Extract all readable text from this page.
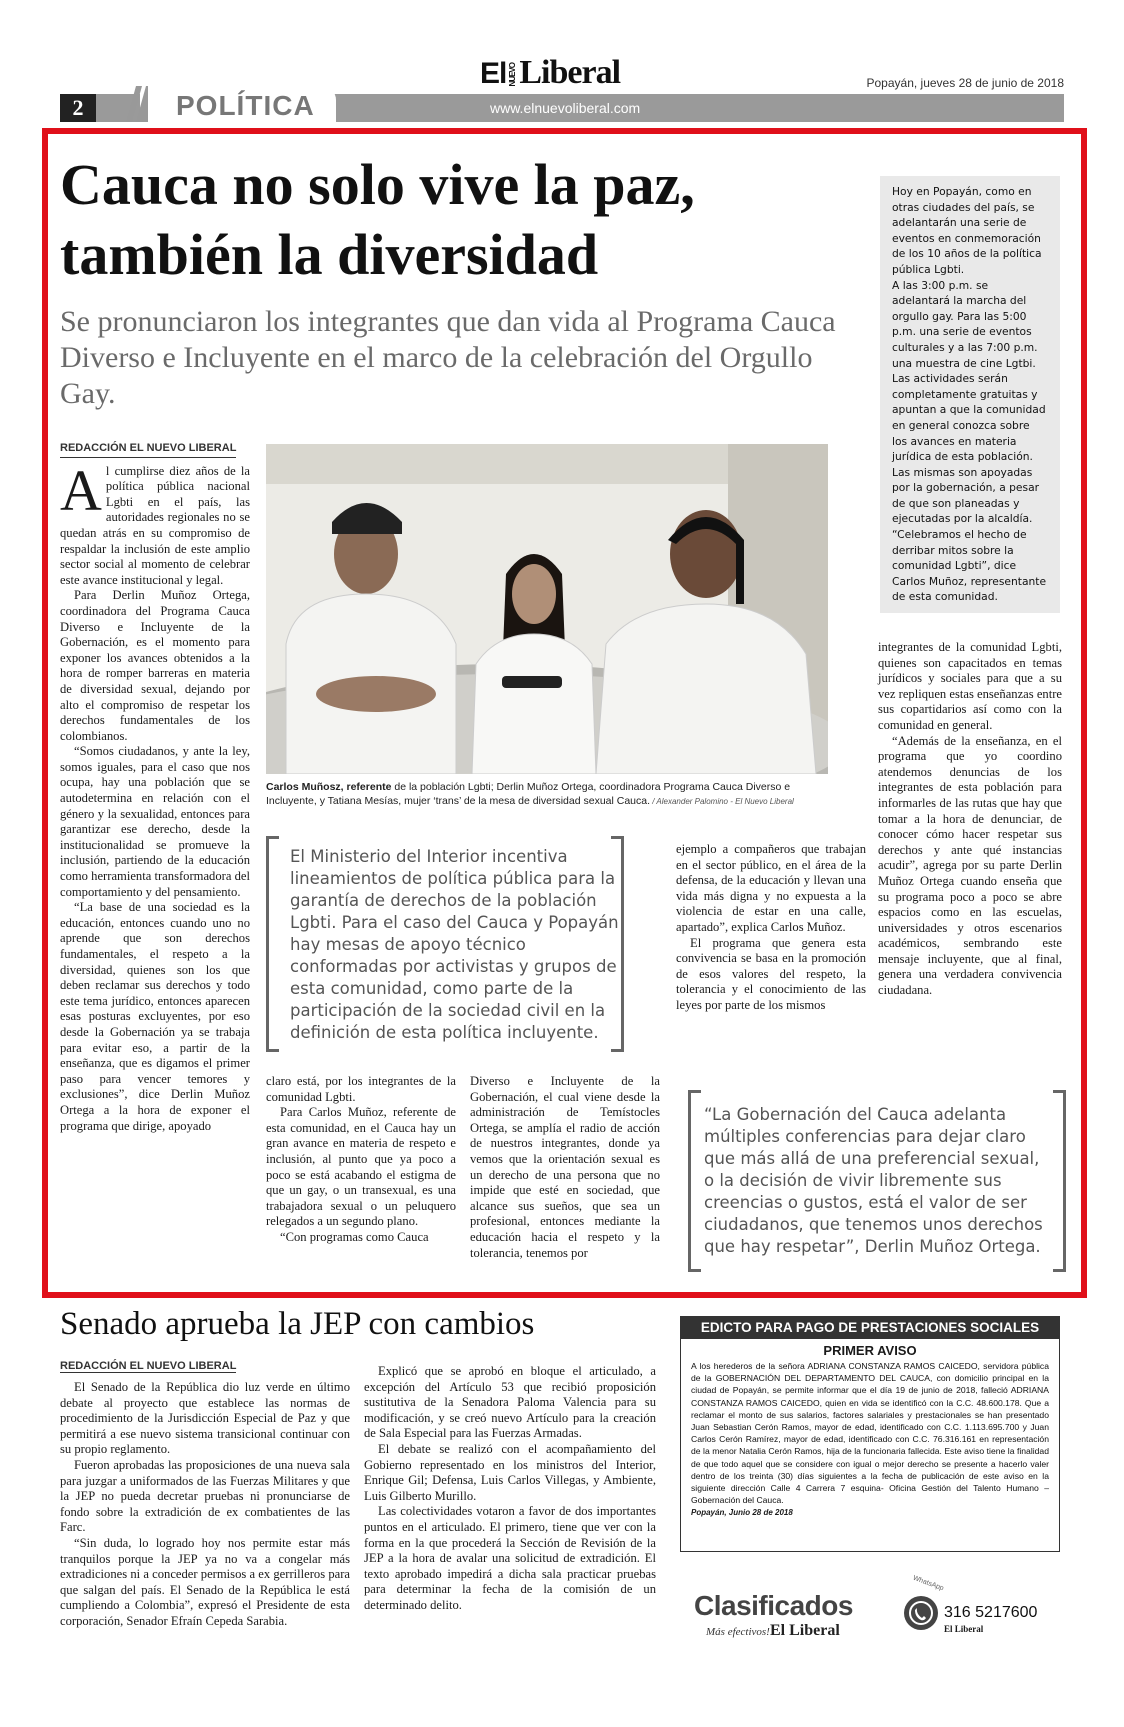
2	POLÍTICA
El NUEVOLiberal	Popayán, jueves 28 de junio de 2018
www.elnuevoliberal.com
Cauca no solo vive la paz,
también la diversidad
Se pronunciaron los integrantes que dan vida al Programa Cauca Diverso e Incluyente en el marco de la celebración del Orgullo Gay.
Hoy en Popayán, como en otras ciudades del país, se adelantarán una serie de eventos en conmemoración de los 10 años de la política pública Lgbti.
A las 3:00 p.m. se adelantará la marcha del orgullo gay. Para las 5:00 p.m. una serie de eventos culturales y a las 7:00 p.m. una muestra de cine Lgtbi.
Las actividades serán completamente gratuitas y apuntan a que la comunidad en general conozca sobre los avances en materia jurídica de esta población.
Las mismas son apoyadas por la gobernación, a pesar de que son planeadas y ejecutadas por la alcaldía.
“Celebramos el hecho de derribar mitos sobre la comunidad Lgbti”, dice Carlos Muñoz, representante de esta comunidad.
REDACCIÓN EL NUEVO LIBERAL
A l cumplirse diez años de la política pública nacional Lgbti en el país, las autoridades regionales no se quedan atrás en su compromiso de respaldar la inclusión de este amplio sector social al momento de celebrar este avance institucional y legal.

Para Derlin Muñoz Ortega, coordinadora del Programa Cauca Diverso e Incluyente de la Gobernación, es el momento para exponer los avances obtenidos a la hora de romper barreras en materia de diversidad sexual, dejando por alto el compromiso de respetar los derechos fundamentales de los colombianos.

“Somos ciudadanos, y ante la ley, somos iguales, para el caso que nos ocupa, hay una población que se autodetermina en relación con el género y la sexualidad, entonces para garantizar ese derecho, desde la institucionalidad se promueve la inclusión, partiendo de la educación como herramienta transformadora del comportamiento y del pensamiento.

“La base de una sociedad es la educación, entonces cuando uno no aprende que son derechos fundamentales, el respeto a la diversidad, quienes son los que deben reclamar sus derechos y todo este tema jurídico, entonces aparecen esas posturas excluyentes, por eso desde la Gobernación ya se trabaja para evitar eso, a partir de la enseñanza, que es digamos el primer paso para vencer temores y exclusiones”, dice Derlin Muñoz Ortega a la hora de exponer el programa que dirige, apoyado

Carlos Muñosz, referente de la población Lgbti; Derlin Muñoz Ortega, coordinadora Programa Cauca Diverso e Incluyente, y Tatiana Mesías, mujer ‘trans’ de la mesa de diversidad sexual Cauca. / Alexander Palomino - El Nuevo Liberal
El Ministerio del Interior incentiva lineamientos de política pública para la garantía de derechos de la población Lgbti. Para el caso del Cauca y Popayán hay mesas de apoyo técnico conformadas por activistas y grupos de esta comunidad, como parte de la participación de la sociedad civil en la definición de esta política incluyente.

claro está, por los integrantes de la comunidad Lgbti.

Para Carlos Muñoz, referente de esta comunidad, en el Cauca hay un gran avance en materia de respeto e inclusión, al punto que ya poco a poco se está acabando el estigma de que un gay, o un transexual, es una trabajadora sexual o un peluquero relegados a un segundo plano.

“Con programas como Cauca

Diverso e Incluyente de la Gobernación, el cual viene desde la administración de Temístocles Ortega, se amplía el radio de acción de nuestros integrantes, donde ya vemos que la orientación sexual es un derecho de una persona que no impide que esté en sociedad, que alcance sus sueños, que sea un profesional, entonces mediante la educación hacia el respeto y la tolerancia, tenemos por

ejemplo a compañeros que trabajan en el sector público, en el área de la defensa, de la educación y llevan una vida más digna y no expuesta a la violencia de estar en una calle, apartado”, explica Carlos Muñoz.

El programa que genera esta convivencia se basa en la promoción de esos valores del respeto, la tolerancia y el conocimiento de las leyes por parte de los mismos

integrantes de la comunidad Lgbti, quienes son capacitados en temas jurídicos y sociales para que a su vez repliquen estas enseñanzas entre sus copartidarios así como con la comunidad en general.

“Además de la enseñanza, en el programa que yo coordino atendemos denuncias de los integrantes de esta población para informarles de las rutas que hay que tomar a la hora de denunciar, de conocer cómo hacer respetar sus derechos y ante qué instancias acudir”, agrega por su parte Derlin Muñoz Ortega cuando enseña que su programa poco a poco se abre espacios como en las escuelas, universidades y otros escenarios académicos, sembrando este mensaje incluyente, que al final, genera una verdadera convivencia ciudadana.

“La Gobernación del Cauca adelanta múltiples conferencias para dejar claro que más allá de una preferencial sexual, o la decisión de vivir libremente sus creencias o gustos, está el valor de ser ciudadanos, que tenemos unos derechos que hay respetar”, Derlin Muñoz Ortega.
Senado aprueba la JEP con cambios
REDACCIÓN EL NUEVO LIBERAL

El Senado de la República dio luz verde en último debate al proyecto que establece las normas de procedimiento de la Jurisdicción Especial de Paz y que permitirá a ese nuevo sistema transicional continuar con su propio reglamento.

Fueron aprobadas las proposiciones de una nueva sala para juzgar a uniformados de las Fuerzas Militares y que la JEP no pueda decretar pruebas ni pronunciarse de fondo sobre la extradición de ex combatientes de las Farc.

“Sin duda, lo logrado hoy nos permite estar más tranquilos porque la JEP ya no va a congelar más extradiciones ni a conceder permisos a ex gerrilleros para que salgan del país. El Senado de la República le está cumpliendo a Colombia”, expresó el Presidente de esta corporación, Senador Efraín Cepeda Sarabia.

Explicó que se aprobó en bloque el articulado, a excepción del Artículo 53 que recibió proposición sustitutiva de la Senadora Paloma Valencia para su modificación, y se creó nuevo Artículo para la creación de Sala Especial para las Fuerzas Armadas.

El debate se realizó con el acompañamiento del Gobierno representado en los ministros del Interior, Enrique Gil; Defensa, Luis Carlos Villegas, y Ambiente, Luis Gilberto Murillo.

Las colectividades votaron a favor de dos importantes puntos en el articulado. El primero, tiene que ver con la forma en la que procederá la Sección de Revisión de la JEP a la hora de avalar una solicitud de extradición. El texto aprobado impedirá a dicha sala practicar pruebas para determinar la fecha de la comisión de un determinado delito.

EDICTO PARA PAGO DE PRESTACIONES SOCIALES
PRIMER AVISO
A los herederos de la señora ADRIANA CONSTANZA RAMOS CAICEDO, servidora pública de la GOBERNACIÓN DEL DEPARTAMENTO DEL CAUCA, con domicilio principal en la ciudad de Popayán, se permite informar que el día 19 de junio de 2018, falleció ADRIANA CONSTANZA RAMOS CAICEDO, quien en vida se identificó con la C.C. 48.600.178. Que a reclamar el monto de sus salarios, factores salariales y prestacionales se han presentado Juan Sebastian Cerón Ramos, mayor de edad, identificado con C.C. 1.113.695.700 y Juan Carlos Cerón Ramírez, mayor de edad, identificado con C.C. 76.316.161 en representación de la menor Natalia Cerón Ramos, hija de la funcionaria fallecida. Este aviso tiene la finalidad de que todo aquel que se considere con igual o mejor derecho se presente a hacerlo valer dentro de los treinta (30) días siguientes a la fecha de publicación de este aviso en la siguiente dirección Calle 4 Carrera 7 esquina- Oficina Gestión del Talento Humano – Gobernación del Cauca.
Popayán, Junio 28 de 2018
Clasificados
Más efectivos! El Liberal
WhatsApp
316 5217600
El Liberal
